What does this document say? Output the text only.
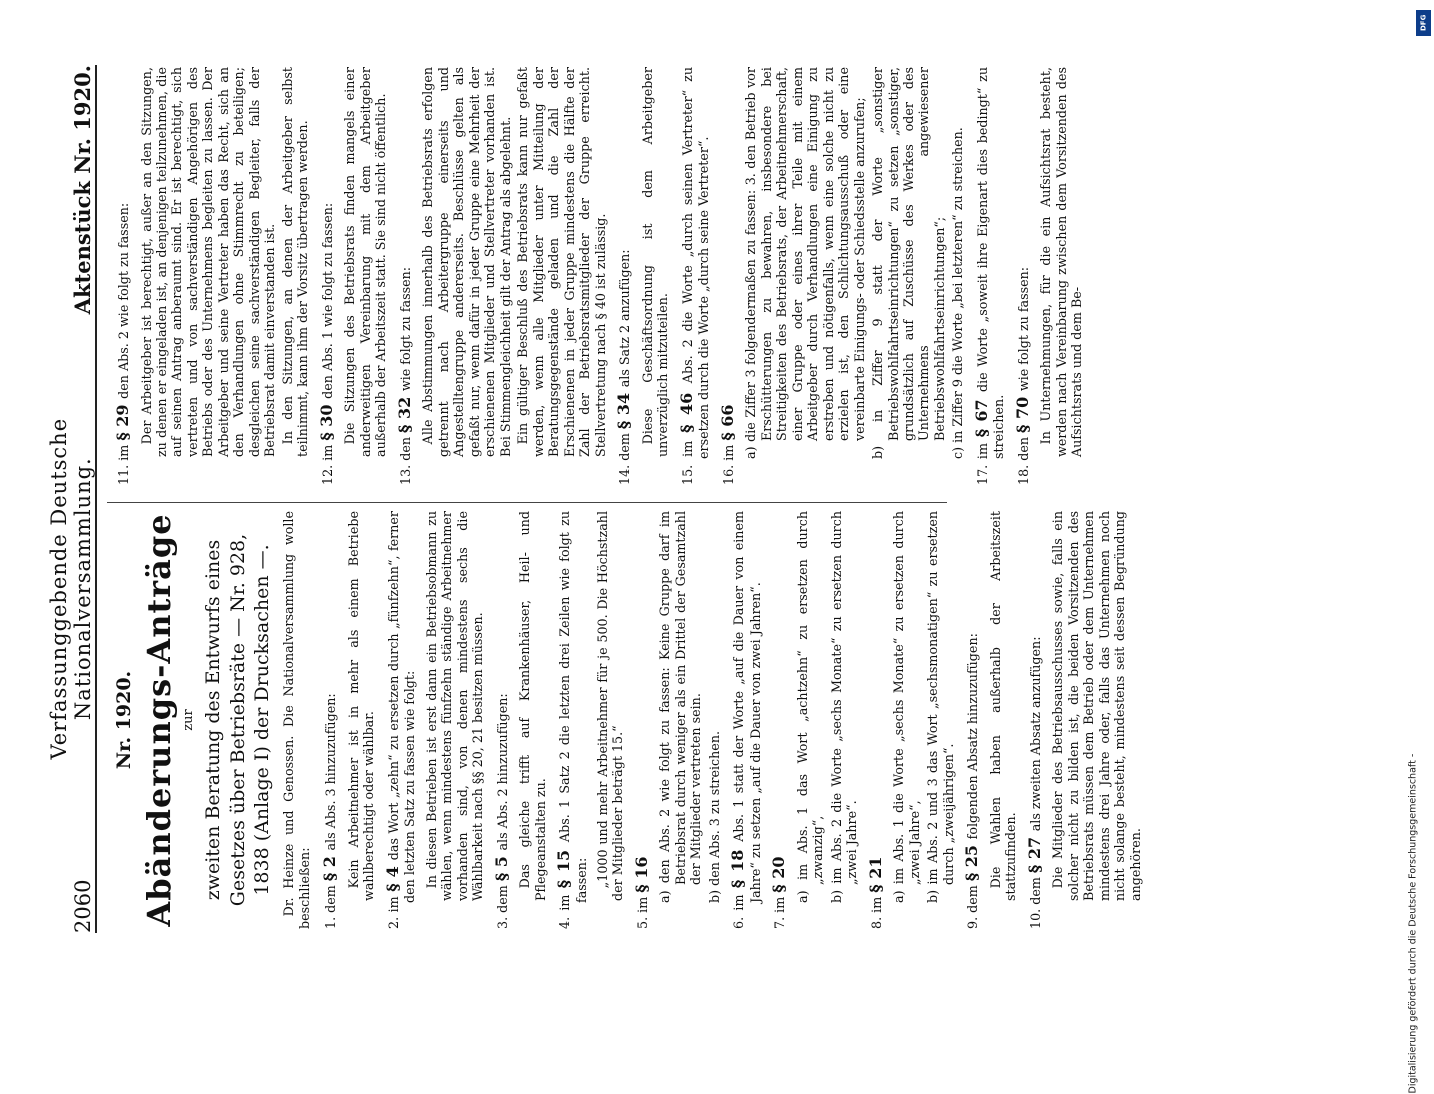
2060
Verfassunggebende Deutsche Nationalversammlung.
Aktenstück Nr. 1920.
Nr. 1920. Abänderungs-Anträge zur zweiten Beratung des Entwurfs eines Gesetzes über Betriebsräte — Nr. 928, 1838 (Anlage I) der Drucksachen —. Dr. Heinze und Genossen. Die Nationalversammlung wolle beschließen: 1. dem § 2 als Abs. 3 hinzuzufügen: Kein Arbeitnehmer ist in mehr als einem Betriebe wahlberechtigt oder wählbar.
2. im § 4 das Wort „zehn“ zu ersetzen durch „fünfzehn“, ferner den letzten Satz zu fassen wie folgt: In diesen Betrieben ist erst dann ein Betriebsobmann zu wählen, wenn mindestens fünfzehn ständige Arbeitnehmer vorhanden sind, von denen mindestens sechs die Wählbarkeit nach §§ 20, 21 besitzen müssen.
3. dem § 5 als Abs. 2 hinzuzufügen: Das gleiche trifft auf Krankenhäuser, Heil- und Pflegeanstalten zu.
4. im § 15 Abs. 1 Satz 2 die letzten drei Zeilen wie folgt zu fassen: „1000 und mehr Arbeitnehmer für je 500. Die Höchstzahl der Mitglieder beträgt 15.“
5. im § 16 a) den Abs. 2 wie folgt zu fassen: Keine Gruppe darf im Betriebsrat durch weniger als ein Drittel der Gesamtzahl der Mitglieder vertreten sein. b) den Abs. 3 zu streichen.
6. im § 18 Abs. 1 statt der Worte „auf die Dauer von einem Jahre“ zu setzen „auf die Dauer von zwei Jahren“.
7. im § 20 a) im Abs. 1 das Wort „achtzehn“ zu ersetzen durch „zwanzig“, b) im Abs. 2 die Worte „sechs Monate“ zu ersetzen durch „zwei Jahre“.
8. im § 21 a) im Abs. 1 die Worte „sechs Monate“ zu ersetzen durch „zwei Jahre“, b) im Abs. 2 und 3 das Wort „sechsmonatigen“ zu ersetzen durch „zweijährigen“.
9. dem § 25 folgenden Absatz hinzuzufügen: Die Wahlen haben außerhalb der Arbeitszeit stattzufinden.
10. dem § 27 als zweiten Absatz anzufügen: Die Mitglieder des Betriebsausschusses sowie, falls ein solcher nicht zu bilden ist, die beiden Vorsitzenden des Betriebsrats müssen dem Betrieb oder dem Unternehmen mindestens drei Jahre oder, falls das Unternehmen noch nicht solange besteht, mindestens seit dessen Begründung angehören.
11. im § 29 den Abs. 2 wie folgt zu fassen: Der Arbeitgeber ist berechtigt, außer an den Sitzungen, zu denen er eingeladen ist, an denjenigen teilzunehmen, die auf seinen Antrag anberaumt sind. Er ist berechtigt, sich vertreten und von sachverständigen Angehörigen des Betriebs oder des Unternehmens begleiten zu lassen. Der Arbeitgeber und seine Vertreter haben das Recht, sich an den Verhandlungen ohne Stimmrecht zu beteiligen; desgleichen seine sachverständigen Begleiter, falls der Betriebsrat damit einverstanden ist. In den Sitzungen, an denen der Arbeitgeber selbst teilnimmt, kann ihm der Vorsitz übertragen werden.
12. im § 30 den Abs. 1 wie folgt zu fassen: Die Sitzungen des Betriebsrats finden mangels einer anderweitigen Vereinbarung mit dem Arbeitgeber außerhalb der Arbeitszeit statt. Sie sind nicht öffentlich.
13. den § 32 wie folgt zu fassen: Alle Abstimmungen innerhalb des Betriebsrats erfolgen getrennt nach Arbeitergruppe einerseits und Angestelltengruppe andererseits. Beschlüsse gelten als gefaßt nur, wenn dafür in jeder Gruppe eine Mehrheit der erschienenen Mitglieder und Stellvertreter vorhanden ist. Bei Stimmengleichheit gilt der Antrag als abgelehnt. Ein gültiger Beschluß des Betriebsrats kann nur gefaßt werden, wenn alle Mitglieder unter Mitteilung der Beratungsgegenstände geladen und die Zahl der Erschienenen in jeder Gruppe mindestens die Hälfte der Zahl der Betriebsratsmitglieder der Gruppe erreicht. Stellvertretung nach § 40 ist zulässig.
14. dem § 34 als Satz 2 anzufügen: Diese Geschäftsordnung ist dem Arbeitgeber unverzüglich mitzuteilen.
15. im § 46 Abs. 2 die Worte „durch seinen Vertreter“ zu ersetzen durch die Worte „durch seine Vertreter“.
16. im § 66 a) die Ziffer 3 folgendermaßen zu fassen: 3. den Betrieb vor Erschütterungen zu bewahren, insbesondere bei Streitigkeiten des Betriebsrats, der Arbeitnehmerschaft, einer Gruppe oder eines ihrer Teile mit einem Arbeitgeber durch Verhandlungen eine Einigung zu erstreben und nötigenfalls, wenn eine solche nicht zu erzielen ist, den Schlichtungsausschuß oder eine vereinbarte Einigungs- oder Schiedsstelle anzurufen; b) in Ziffer 9 statt der Worte „sonstiger Betriebswohlfahrtseinrichtungen“ zu setzen „sonstiger, grundsätzlich auf Zuschüsse des Werkes oder des Unternehmens angewiesener Betriebswohlfahrtseinrichtungen“; c) in Ziffer 9 die Worte „bei letzteren“ zu streichen.
17. im § 67 die Worte „soweit ihre Eigenart dies bedingt“ zu streichen.
18. den § 70 wie folgt zu fassen: In Unternehmungen, für die ein Aufsichtsrat besteht, werden nach Vereinbarung zwischen dem Vorsitzenden des Aufsichtsrats und dem Be-
DFG
Digitalisierung gefördert durch die Deutsche Forschungsgemeinschaft -
